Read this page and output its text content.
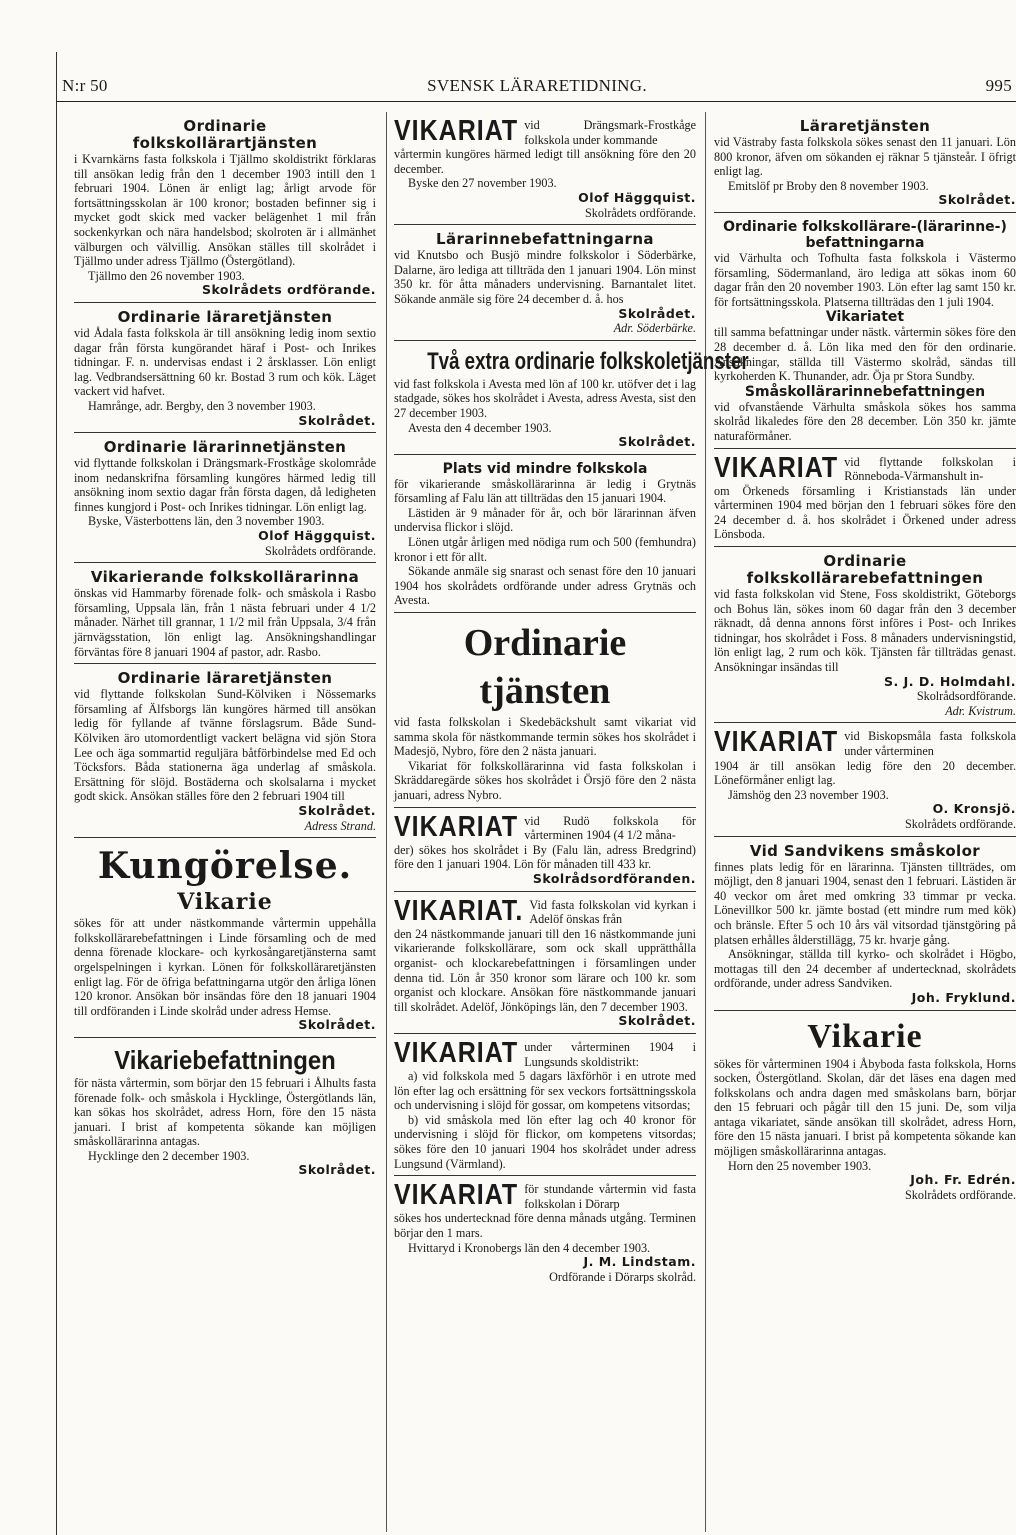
N:r 50	SVENSK LÄRARETIDNING.	995
Ordinarie
folkskollärartjänsten
i Kvarnkärns fasta folkskola i Tjällmo skoldistrikt förklaras till ansökan ledig från den 1 december 1903 intill den 1 februari 1904. Lönen är enligt lag; årligt arvode för fortsättningsskolan är 100 kronor; bostaden befinner sig i mycket godt skick med vacker belägenhet 1 mil från sockenkyrkan och nära handelsbod; skolroten är i allmänhet välburgen och välvillig. Ansökan ställes till skolrådet i Tjällmo under adress Tjällmo (Östergötland).
Tjällmo den 26 november 1903.
Skolrådets ordförande.
Ordinarie läraretjänsten
vid Ådala fasta folkskola är till ansökning ledig inom sextio dagar från första kungörandet häraf i Post- och Inrikes tidningar. F. n. undervisas endast i 2 årsklasser. Lön enligt lag. Vedbrandsersättning 60 kr. Bostad 3 rum och kök. Läget vackert vid hafvet.
Hamrånge, adr. Bergby, den 3 november 1903.
Skolrådet.
Ordinarie lärarinnetjänsten
vid flyttande folkskolan i Drängsmark-Frostkåge skolområde inom nedanskrifna församling kungöres härmed ledig till ansökning inom sextio dagar från första dagen, då ledigheten finnes kungjord i Post- och Inrikes tidningar. Lön enligt lag.
Byske, Västerbottens län, den 3 november 1903.
Olof Häggquist.
Skolrådets ordförande.
Vikarierande folkskollärarinna
önskas vid Hammarby förenade folk- och småskola i Rasbo församling, Uppsala län, från 1 nästa februari under 4 1/2 månader. Närhet till grannar, 1 1/2 mil från Uppsala, 3/4 från järnvägsstation, lön enligt lag. Ansökningshandlingar förväntas före 8 januari 1904 af pastor, adr. Rasbo.
Ordinarie läraretjänsten
vid flyttande folkskolan Sund-Kölviken i Nössemarks församling af Älfsborgs län kungöres härmed till ansökan ledig för fyllande af tvänne förslagsrum. Både Sund-Kölviken äro utomordentligt vackert belägna vid sjön Stora Lee och äga sommartid reguljära båtförbindelse med Ed och Töcksfors. Båda stationerna äga underlag af småskola. Ersättning för slöjd. Bostäderna och skolsalarna i mycket godt skick. Ansökan ställes före den 2 februari 1904 till
Skolrådet.
Adress Strand.
Kungörelse.
Vikarie
sökes för att under nästkommande vårtermin uppehålla folkskollärarebefattningen i Linde församling och de med denna förenade klockare- och kyrkosångaretjänsterna samt orgelspelningen i kyrkan. Lönen för folkskolläraretjänsten enligt lag. För de öfriga befattningarna utgör den årliga lönen 120 kronor. Ansökan bör insändas före den 18 januari 1904 till ordföranden i Linde skolråd under adress Hemse.
Skolrådet.
Vikariebefattningen
för nästa vårtermin, som börjar den 15 februari i Ålhults fasta förenade folk- och småskola i Hycklinge, Östergötlands län, kan sökas hos skolrådet, adress Horn, före den 15 nästa januari. I brist af kompetenta sökande kan möjligen småskollärarinna antagas.
Hycklinge den 2 december 1903.
Skolrådet.
VIKARIAT vid Drängsmark-Frostkåge folkskola under kommande
vårtermin kungöres härmed ledigt till ansökning före den 20 december.
Byske den 27 november 1903.
Olof Häggquist.
Skolrådets ordförande.
Lärarinnebefattningarna
vid Knutsbo och Busjö mindre folkskolor i Söderbärke, Dalarne, äro lediga att tillträda den 1 januari 1904. Lön minst 350 kr. för åtta månaders undervisning. Barnantalet litet. Sökande anmäle sig före 24 december d. å. hos
Skolrådet.
Adr. Söderbärke.
Två extra ordinarie folkskoletjänster
vid fast folkskola i Avesta med lön af 100 kr. utöfver det i lag stadgade, sökes hos skolrådet i Avesta, adress Avesta, sist den 27 december 1903.
Avesta den 4 december 1903.
Skolrådet.
Plats vid mindre folkskola
för vikarierande småskollärarinna är ledig i Grytnäs församling af Falu län att tillträdas den 15 januari 1904.
Lästiden är 9 månader för år, och bör lärarinnan äfven undervisa flickor i slöjd.
Lönen utgår årligen med nödiga rum och 500 (femhundra) kronor i ett för allt.
Sökande anmäle sig snarast och senast före den 10 januari 1904 hos skolrådets ordförande under adress Grytnäs och Avesta.
Ordinarie tjänsten
vid fasta folkskolan i Skedebäckshult samt vikariat vid samma skola för nästkommande termin sökes hos skolrådet i Madesjö, Nybro, före den 2 nästa januari.
Vikariat för folkskollärarinna vid fasta folkskolan i Skräddaregärde sökes hos skolrådet i Örsjö före den 2 nästa januari, adress Nybro.
VIKARIAT vid Rudö folkskola för vårterminen 1904 (4 1/2 måna-
der) sökes hos skolrådet i By (Falu län, adress Bredgrind) före den 1 januari 1904. Lön för månaden till 433 kr.
Skolrådsordföranden.
VIKARIAT. Vid fasta folkskolan vid kyrkan i Adelöf önskas från
den 24 nästkommande januari till den 16 nästkommande juni vikarierande folkskollärare, som ock skall upprätthålla organist- och klockarebefattningen i församlingen under denna tid. Lön år 350 kronor som lärare och 100 kr. som organist och klockare. Ansökan före nästkommande januari till skolrådet. Adelöf, Jönköpings län, den 7 december 1903.
Skolrådet.
VIKARIAT under vårterminen 1904 i Lungsunds skoldistrikt:
a) vid folkskola med 5 dagars läxförhör i en utrote med lön efter lag och ersättning för sex veckors fortsättningsskola och undervisning i slöjd för gossar, om kompetens vitsordas;
b) vid småskola med lön efter lag och 40 kronor för undervisning i slöjd för flickor, om kompetens vitsordas; sökes före den 10 januari 1904 hos skolrådet under adress Lungsund (Värmland).
VIKARIAT för stundande vårtermin vid fasta folkskolan i Dörarp
sökes hos undertecknad före denna månads utgång. Terminen börjar den 1 mars.
Hvittaryd i Kronobergs län den 4 december 1903.
J. M. Lindstam.
Ordförande i Dörarps skolråd.
Läraretjänsten
vid Västraby fasta folkskola sökes senast den 11 januari. Lön 800 kronor, äfven om sökanden ej räknar 5 tjänsteår. I öfrigt enligt lag.
Emitslöf pr Broby den 8 november 1903.
Skolrådet.
Ordinarie folkskollärare-(lärarinne-) befattningarna
vid Värhulta och Tofhulta fasta folkskola i Västermo församling, Södermanland, äro lediga att sökas inom 60 dagar från den 20 november 1903. Lön efter lag samt 150 kr. för fortsättningsskola. Platserna tillträdas den 1 juli 1904.
Vikariatet
till samma befattningar under nästk. vårtermin sökes före den 28 december d. å. Lön lika med den för den ordinarie. Ansökningar, ställda till Västermo skolråd, sändas till kyrkoherden K. Thunander, adr. Öja pr Stora Sundby.
Småskollärarinnebefattningen
vid ofvanstående Värhulta småskola sökes hos samma skolråd likaledes före den 28 december. Lön 350 kr. jämte naturaförmåner.
VIKARIAT vid flyttande folkskolan i Rönneboda-Värmanshult in-
om Örkeneds församling i Kristianstads län under vårterminen 1904 med början den 1 februari sökes före den 24 december d. å. hos skolrådet i Örkened under adress Lönsboda.
Ordinarie
folkskollärarebefattningen
vid fasta folkskolan vid Stene, Foss skoldistrikt, Göteborgs och Bohus län, sökes inom 60 dagar från den 3 december räknadt, då denna annons först införes i Post- och Inrikes tidningar, hos skolrådet i Foss. 8 månaders undervisningstid, lön enligt lag, 2 rum och kök. Tjänsten får tillträdas genast. Ansökningar insändas till
S. J. D. Holmdahl.
Skolrådsordförande.
Adr. Kvistrum.
VIKARIAT vid Biskopsmåla fasta folkskola under vårterminen
1904 är till ansökan ledig före den 20 december. Löneförmåner enligt lag.
Jämshög den 23 november 1903.
O. Kronsjö.
Skolrådets ordförande.
Vid Sandvikens småskolor
finnes plats ledig för en lärarinna. Tjänsten tillträdes, om möjligt, den 8 januari 1904, senast den 1 februari. Lästiden är 40 veckor om året med omkring 33 timmar pr vecka. Lönevillkor 500 kr. jämte bostad (ett mindre rum med kök) och bränsle. Efter 5 och 10 års väl vitsordad tjänstgöring på platsen erhålles ålderstillägg, 75 kr. hvarje gång.
Ansökningar, ställda till kyrko- och skolrådet i Högbo, mottagas till den 24 december af undertecknad, skolrådets ordförande, under adress Sandviken.
Joh. Fryklund.
Vikarie
sökes för vårterminen 1904 i Åbyboda fasta folkskola, Horns socken, Östergötland. Skolan, där det läses ena dagen med folkskolans och andra dagen med småskolans barn, börjar den 15 februari och pågår till den 15 juni. De, som vilja antaga vikariatet, sände ansökan till skolrådet, adress Horn, före den 15 nästa januari. I brist på kompetenta sökande kan möjligen småskollärarinna antagas.
Horn den 25 november 1903.
Joh. Fr. Edrén.
Skolrådets ordförande.
